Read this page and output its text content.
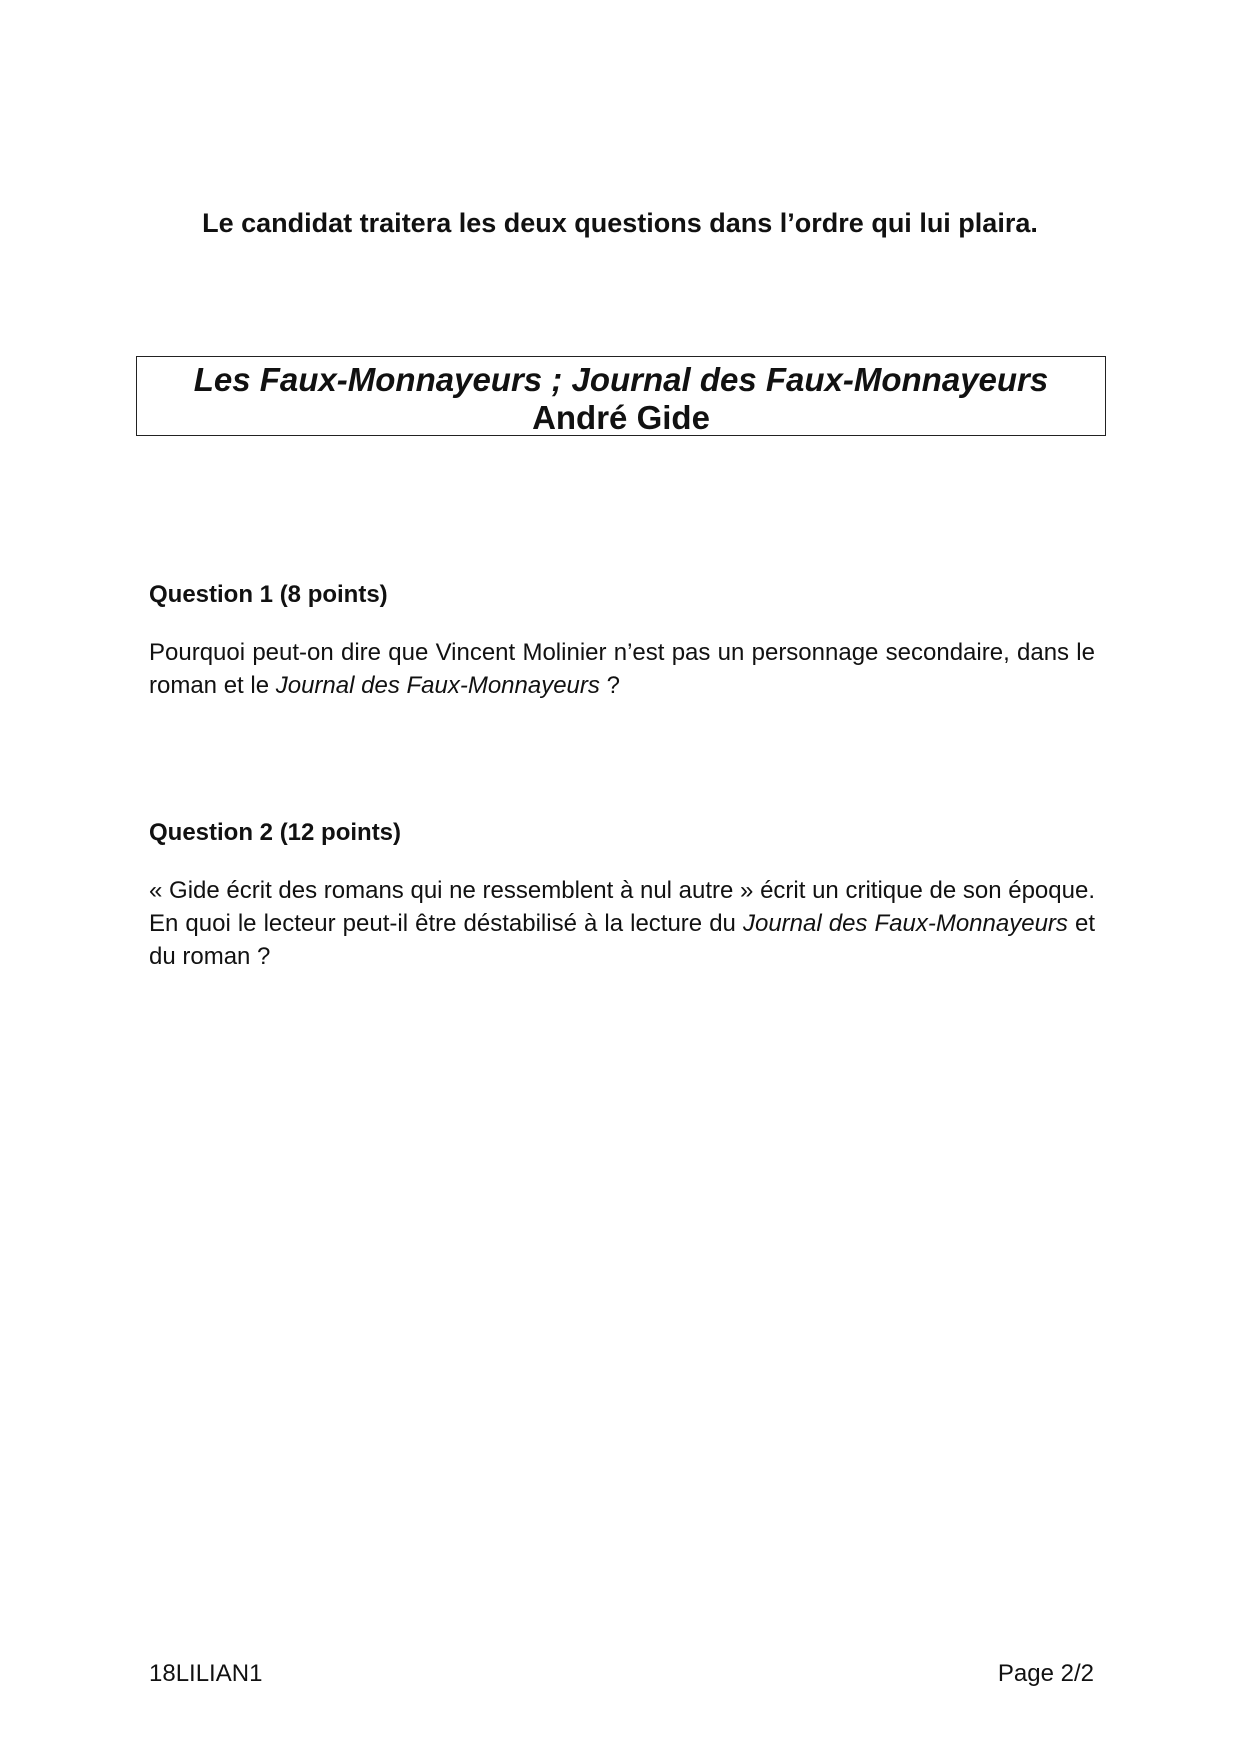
Le candidat traitera les deux questions dans l’ordre qui lui plaira.
Les Faux-Monnayeurs ; Journal des Faux-Monnayeurs
André Gide
Question 1 (8 points)
Pourquoi peut-on dire que Vincent Molinier n’est pas un personnage secondaire, dans le roman et le Journal des Faux-Monnayeurs ?
Question 2 (12 points)
« Gide écrit des romans qui ne ressemblent à nul autre » écrit un critique de son époque. En quoi le lecteur peut-il être déstabilisé à la lecture du Journal des Faux-Monnayeurs et du roman ?
18LILIAN1	Page 2/2
